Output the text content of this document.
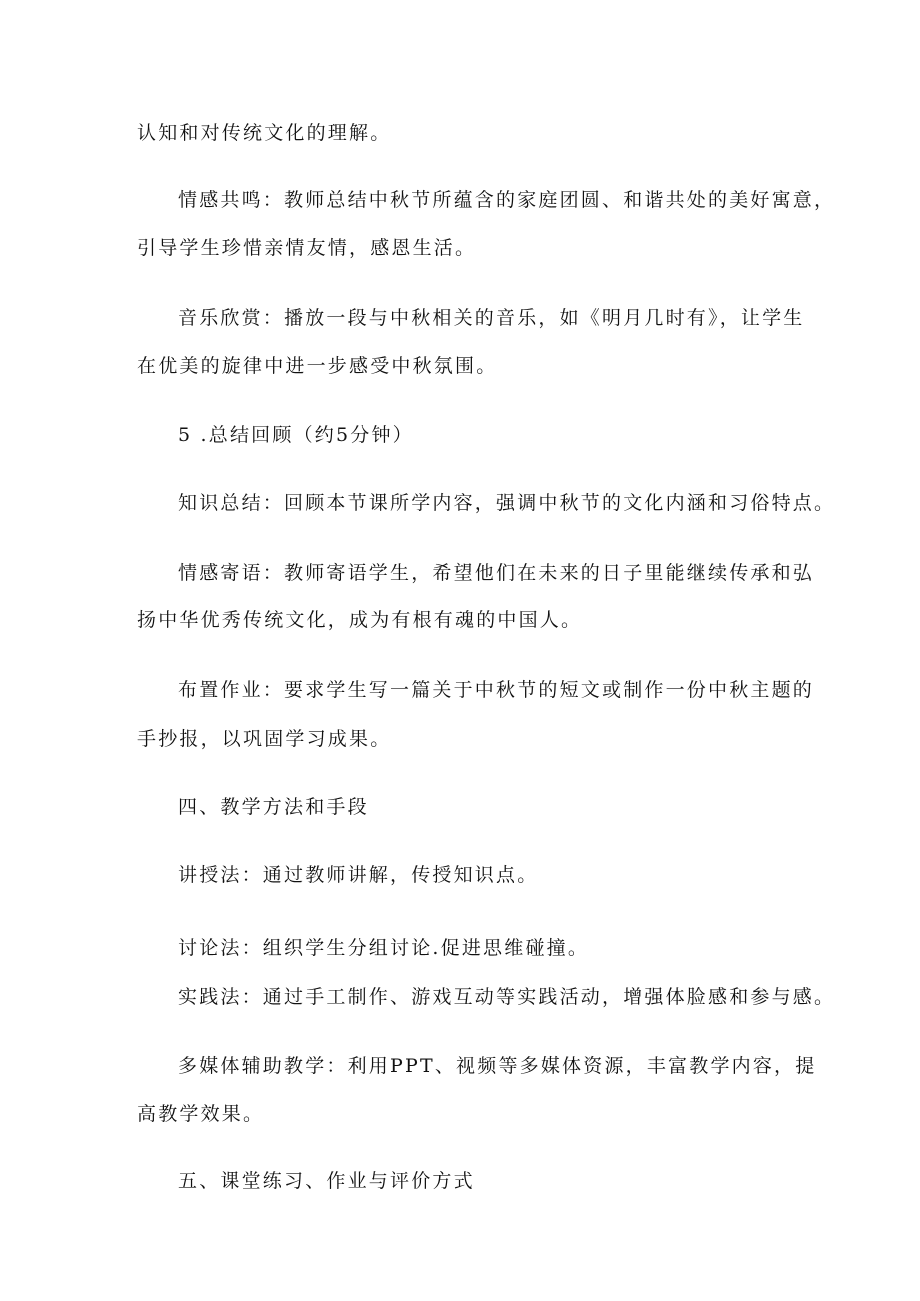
认知和对传统文化的理解。
情感共鸣：教师总结中秋节所蕴含的家庭团圆、和谐共处的美好寓意，
引导学生珍惜亲情友情，感恩生活。
音乐欣赏：播放一段与中秋相关的音乐，如《明月几时有》，让学生
在优美的旋律中进一步感受中秋氛围。
5 .总结回顾（约5分钟）
知识总结：回顾本节课所学内容，强调中秋节的文化内涵和习俗特点。
情感寄语：教师寄语学生，希望他们在未来的日子里能继续传承和弘
扬中华优秀传统文化，成为有根有魂的中国人。
布置作业：要求学生写一篇关于中秋节的短文或制作一份中秋主题的
手抄报，以巩固学习成果。
四、教学方法和手段
讲授法：通过教师讲解，传授知识点。
讨论法：组织学生分组讨论.促进思维碰撞。
实践法：通过手工制作、游戏互动等实践活动，增强体脸感和参与感。
多媒体辅助教学：利用PPT、视频等多媒体资源，丰富教学内容，提
高教学效果。
五、课堂练习、作业与评价方式
